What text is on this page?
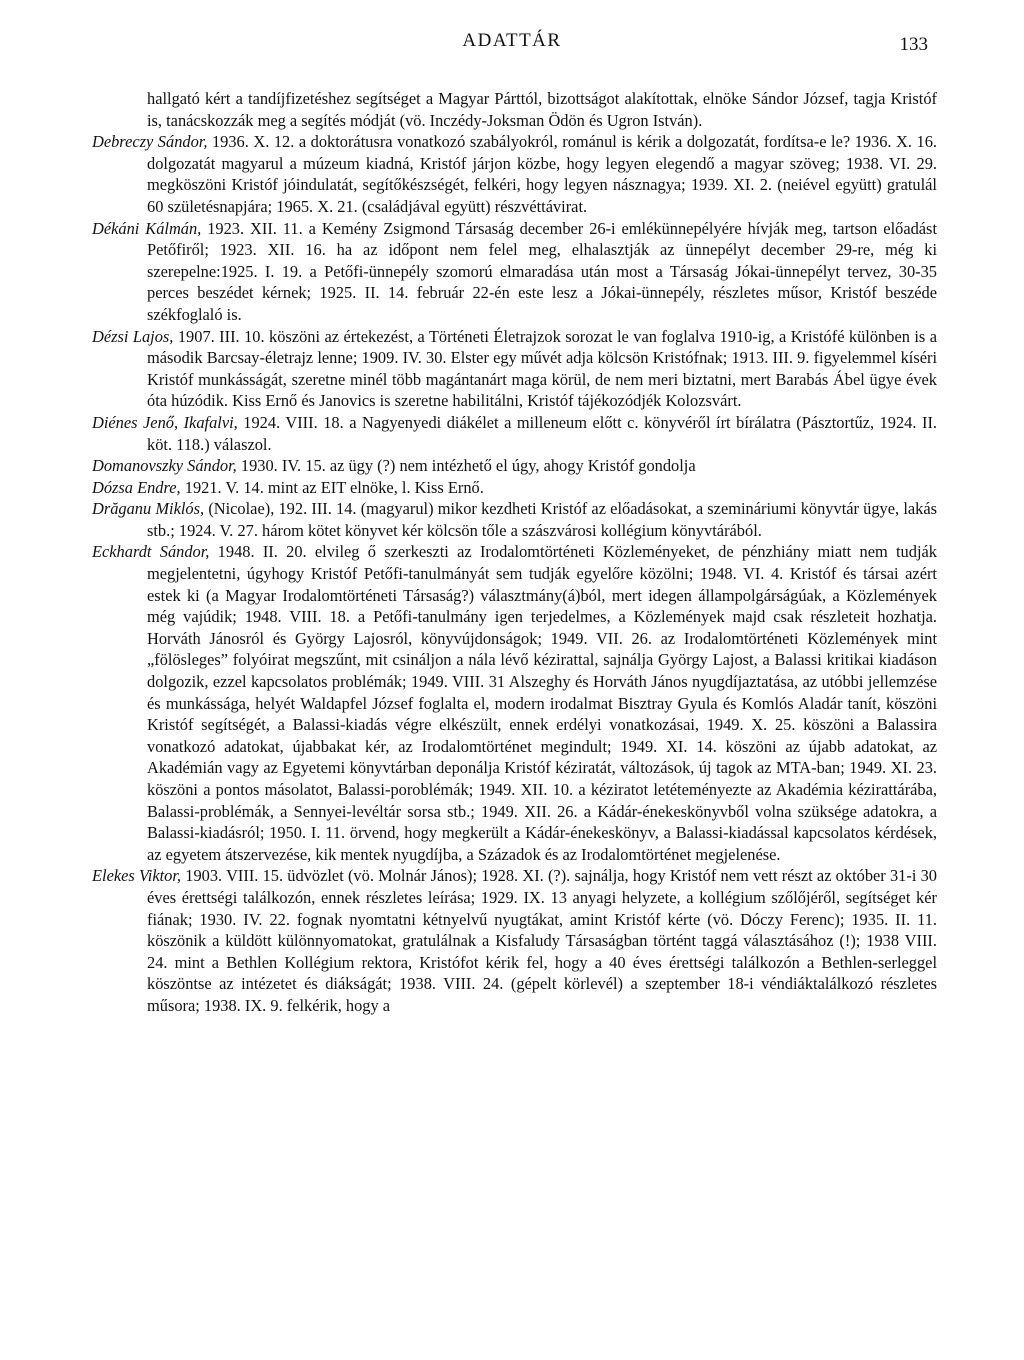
ADATTÁR	133

hallgató kért a tandíjfizetéshez segítséget a Magyar Párttól, bizottságot alakítottak, elnöke Sándor József, tagja Kristóf is, tanácskozzák meg a segítés módját (vö. Inczédy-Joksman Ödön és Ugron István).

Debreczy Sándor, 1936. X. 12. a doktorátusra vonatkozó szabályokról, románul is kérik a dolgozatát, fordítsa-e le? 1936. X. 16. dolgozatát magyarul a múzeum kiadná, Kristóf járjon közbe, hogy legyen elegendő a magyar szöveg; 1938. VI. 29. megköszöni Kristóf jóindulatát, segítőkészségét, felkéri, hogy legyen násznagya; 1939. XI. 2. (neiével együtt) gratulál 60 születésnapjára; 1965. X. 21. (családjával együtt) részvéttávirat.

Dékáni Kálmán, 1923. XII. 11. a Kemény Zsigmond Társaság december 26-i emlékünnepélyére hívják meg, tartson előadást Petőfiről; 1923. XII. 16. ha az időpont nem felel meg, elhalasztják az ünnepélyt december 29-re, még ki szerepelne:1925. I. 19. a Petőfi-ünnepély szomorú elmaradása után most a Társaság Jókai-ünnepélyt tervez, 30-35 perces beszédet kérnek; 1925. II. 14. február 22-én este lesz a Jókai-ünnepély, részletes műsor, Kristóf beszéde székfoglaló is.

Dézsi Lajos, 1907. III. 10. köszöni az értekezést, a Történeti Életrajzok sorozat le van foglalva 1910-ig, a Kristófé különben is a második Barcsay-életrajz lenne; 1909. IV. 30. Elster egy művét adja kölcsön Kristófnak; 1913. III. 9. figyelemmel kíséri Kristóf munkásságát, szeretne minél több magántanárt maga körül, de nem meri biztatni, mert Barabás Ábel ügye évek óta húzódik. Kiss Ernő és Janovics is szeretne habilitálni, Kristóf tájékozódjék Kolozsvárt.

Diénes Jenő, Ikafalvi, 1924. VIII. 18. a Nagyenyedi diákélet a milleneum előtt c. könyvéről írt bírálatra (Pásztortűz, 1924. II. köt. 118.) válaszol.

Domanovszky Sándor, 1930. IV. 15. az ügy (?) nem intézhető el úgy, ahogy Kristóf gondolja

Dózsa Endre, 1921. V. 14. mint az EIT elnöke, l. Kiss Ernő.

Drăganu Miklós, (Nicolae), 192. III. 14. (magyarul) mikor kezdheti Kristóf az előadásokat, a szemináriumi könyvtár ügye, lakás stb.; 1924. V. 27. három kötet könyvet kér kölcsön tőle a szászvárosi kollégium könyvtárából.

Eckhardt Sándor, 1948. II. 20. elvileg ő szerkeszti az Irodalomtörténeti Közleményeket, de pénzhiány miatt nem tudják megjelentetni, úgyhogy Kristóf Petőfi-tanulmányát sem tudják egyelőre közölni; 1948. VI. 4. Kristóf és társai azért estek ki (a Magyar Irodalomtörténeti Társaság?) választmány(á)ból, mert idegen állampolgárságúak, a Közlemények még vajúdik; 1948. VIII. 18. a Petőfi-tanulmány igen terjedelmes, a Közlemények majd csak részleteit hozhatja. Horváth Jánosról és György Lajosról, könyvújdonságok; 1949. VII. 26. az Irodalomtörténeti Közlemények mint „fölösleges” folyóirat megszűnt, mit csináljon a nála lévő kézirattal, sajnálja György Lajost, a Balassi kritikai kiadáson dolgozik, ezzel kapcsolatos problémák; 1949. VIII. 31 Alszeghy és Horváth János nyugdíjaztatása, az utóbbi jellemzése és munkássága, helyét Waldapfel József foglalta el, modern irodalmat Bisztray Gyula és Komlós Aladár tanít, köszöni Kristóf segítségét, a Balassi-kiadás végre elkészült, ennek erdélyi vonatkozásai, 1949. X. 25. köszöni a Balassira vonatkozó adatokat, újabbakat kér, az Irodalomtörténet megindult; 1949. XI. 14. köszöni az újabb adatokat, az Akadémián vagy az Egyetemi könyvtárban deponálja Kristóf kéziratát, változások, új tagok az MTA-ban; 1949. XI. 23. köszöni a pontos másolatot, Balassi-poroblémák; 1949. XII. 10. a kéziratot letéteményezte az Akadémia kézirattárába, Balassi-problémák, a Sennyei-levéltár sorsa stb.; 1949. XII. 26. a Kádár-énekeskönyvből volna szüksége adatokra, a Balassi-kiadásról; 1950. I. 11. örvend, hogy megkerült a Kádár-énekeskönyv, a Balassi-kiadással kapcsolatos kérdések, az egyetem átszervezése, kik mentek nyugdíjba, a Századok és az Irodalomtörténet megjelenése.

Elekes Viktor, 1903. VIII. 15. üdvözlet (vö. Molnár János); 1928. XI. (?). sajnálja, hogy Kristóf nem vett részt az október 31-i 30 éves érettségi találkozón, ennek részletes leírása; 1929. IX. 13 anyagi helyzete, a kollégium szőlőjéről, segítséget kér fiának; 1930. IV. 22. fognak nyomtatni kétnyelvű nyugtákat, amint Kristóf kérte (vö. Dóczy Ferenc); 1935. II. 11. köszönik a küldött különnyomatokat, gratulálnak a Kisfaludy Társaságban történt taggá választásához (!); 1938 VIII. 24. mint a Bethlen Kollégium rektora, Kristófot kérik fel, hogy a 40 éves érettségi találkozón a Bethlen-serleggel köszöntse az intézetet és diákságát; 1938. VIII. 24. (gépelt körlevél) a szeptember 18-i véndiáktalálkozó részletes műsora; 1938. IX. 9. felkérik, hogy a
